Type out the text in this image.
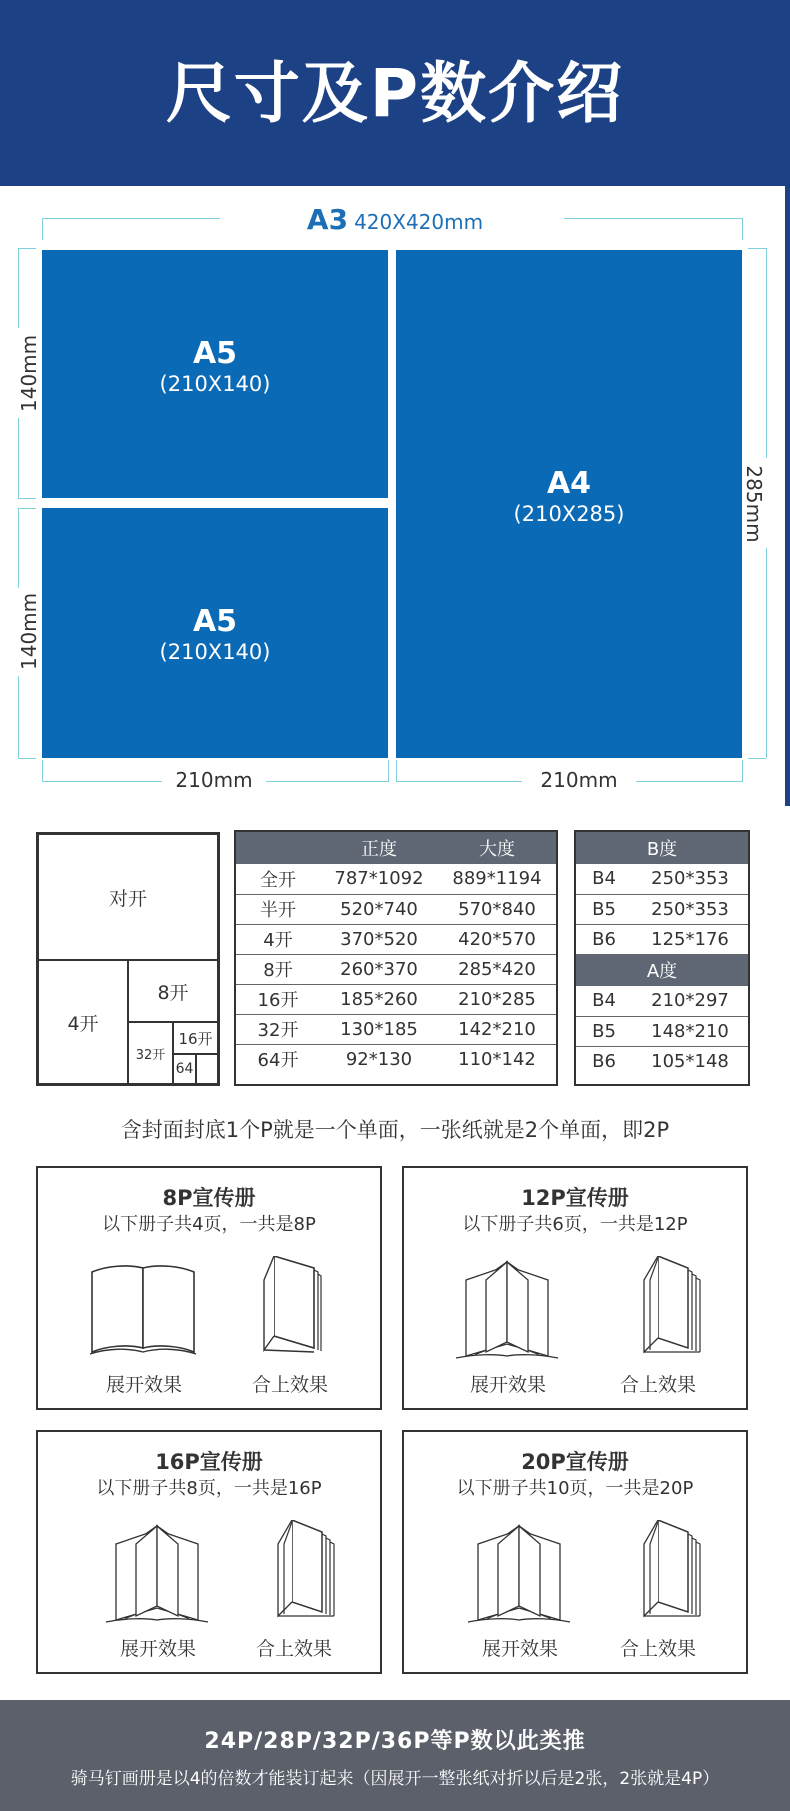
尺寸及P数介绍
A3 420X420mm
140mm
140mm
285mm
210mm	210mm
A5
(210X140)
A5
(210X140)
A4
(210X285)
对开
4开
8开
32开
16开
64
	正度	大度
全开	787*1092	889*1194
半开	520*740	570*840
4开	370*520	420*570
8开	260*370	285*420
16开	185*260	210*285
32开	130*185	142*210
64开	92*130	110*142
B度	
B4	250*353
B5	250*353
B6	125*176
A度	
B4	210*297
B5	148*210
B6	105*148
含封面封底1个P就是一个单面，一张纸就是2个单面，即2P
8P宣传册
以下册子共4页，一共是8P
展开效果	合上效果
12P宣传册
以下册子共6页，一共是12P
展开效果	合上效果
16P宣传册
以下册子共8页，一共是16P
展开效果	合上效果
20P宣传册
以下册子共10页，一共是20P
展开效果	合上效果
24P/28P/32P/36P等P数以此类推
骑马钉画册是以4的倍数才能装订起来（因展开一整张纸对折以后是2张，2张就是4P）
